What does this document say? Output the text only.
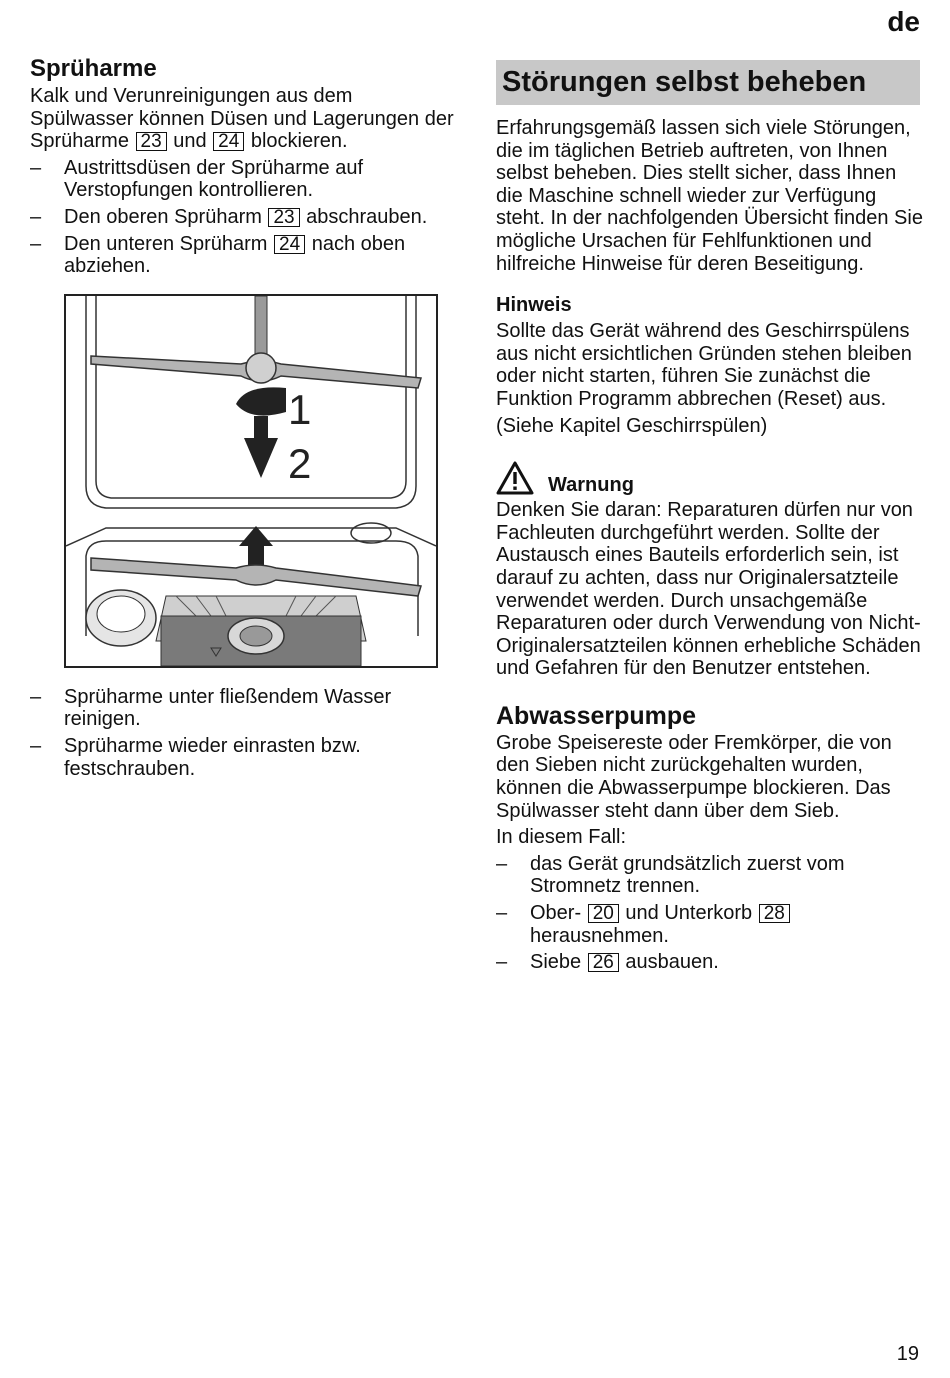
de
Sprüharme

Kalk und Verunreinigungen aus dem Spülwasser können Düsen und Lagerungen der Sprüharme 23 und 24 blockieren.

– Austrittsdüsen der Sprüharme auf Verstopfungen kontrollieren.
– Den oberen Sprüharm 23 abschrauben.
– Den unteren Sprüharm 24 nach oben abziehen.
1
2
– Sprüharme unter fließendem Wasser reinigen.
– Sprüharme wieder einrasten bzw. festschrauben.
Störungen selbst beheben

Erfahrungsgemäß lassen sich viele Störungen, die im täglichen Betrieb auftreten, von Ihnen selbst beheben. Dies stellt sicher, dass Ihnen die Maschine schnell wieder zur Verfügung steht. In der nachfolgenden Übersicht finden Sie mögliche Ursachen für Fehlfunktionen und hilfreiche Hinweise für deren Beseitigung.

Hinweis

Sollte das Gerät während des Geschirrspülens aus nicht ersichtlichen Gründen stehen bleiben oder nicht starten, führen Sie zunächst die Funktion Programm abbrechen (Reset) aus.

(Siehe Kapitel Geschirrspülen)

Warnung

Denken Sie daran: Reparaturen dürfen nur von Fachleuten durchgeführt werden. Sollte der Austausch eines Bauteils erforderlich sein, ist darauf zu achten, dass nur Originalersatzteile verwendet werden. Durch unsachgemäße Reparaturen oder durch Verwendung von Nicht-Originalersatzteilen können erhebliche Schäden und Gefahren für den Benutzer entstehen.

Abwasserpumpe

Grobe Speisereste oder Fremkörper, die von den Sieben nicht zurückgehalten wurden, können die Abwasserpumpe blockieren. Das Spülwasser steht dann über dem Sieb.

In diesem Fall:

– das Gerät grundsätzlich zuerst vom Stromnetz trennen.
– Ober- 20 und Unterkorb 28 herausnehmen.
– Siebe 26 ausbauen.
19
